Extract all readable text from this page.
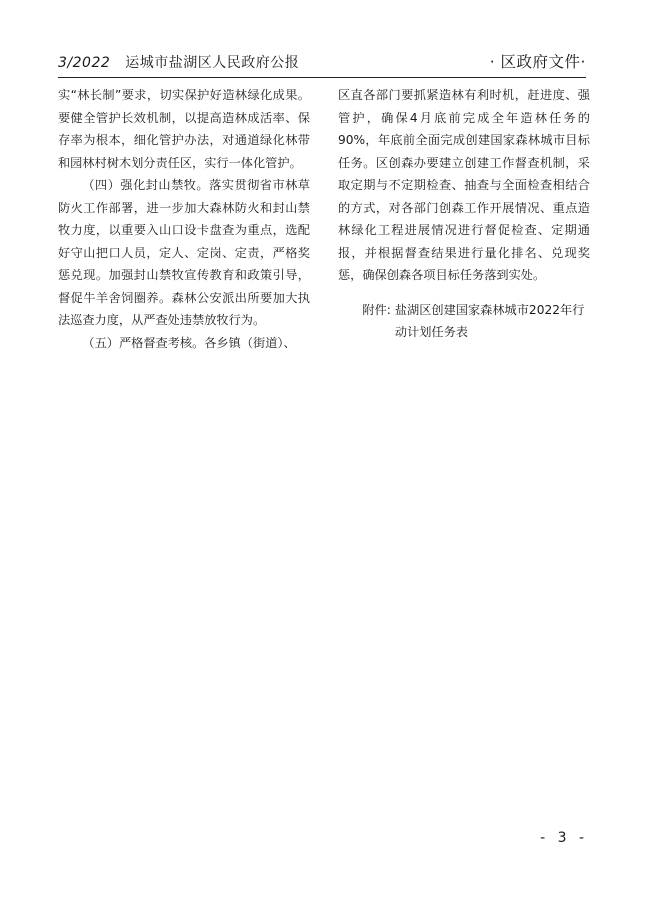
3/2022 运城市盐湖区人民政府公报	· 区政府文件·

实“林长制”要求，切实保护好造林绿化成果。要健全管护长效机制，以提高造林成活率、保存率为根本，细化管护办法，对通道绿化林带和园林村树木划分责任区，实行一体化管护。

（四）强化封山禁牧。落实贯彻省市林草防火工作部署，进一步加大森林防火和封山禁牧力度，以重要入山口设卡盘查为重点，选配好守山把口人员，定人、定岗、定责，严格奖惩兑现。加强封山禁牧宣传教育和政策引导，督促牛羊舍饲圈养。森林公安派出所要加大执法巡查力度，从严查处违禁放牧行为。

（五）严格督查考核。各乡镇（街道）、

区直各部门要抓紧造林有利时机，赶进度、强管护，确保4月底前完成全年造林任务的90%，年底前全面完成创建国家森林城市目标任务。区创森办要建立创建工作督查机制，采取定期与不定期检查、抽查与全面检查相结合的方式，对各部门创森工作开展情况、重点造林绿化工程进展情况进行督促检查、定期通报，并根据督查结果进行量化排名、兑现奖惩，确保创森各项目标任务落到实处。

附件: 盐湖区创建国家森林城市2022年行动计划任务表

- 3 -
